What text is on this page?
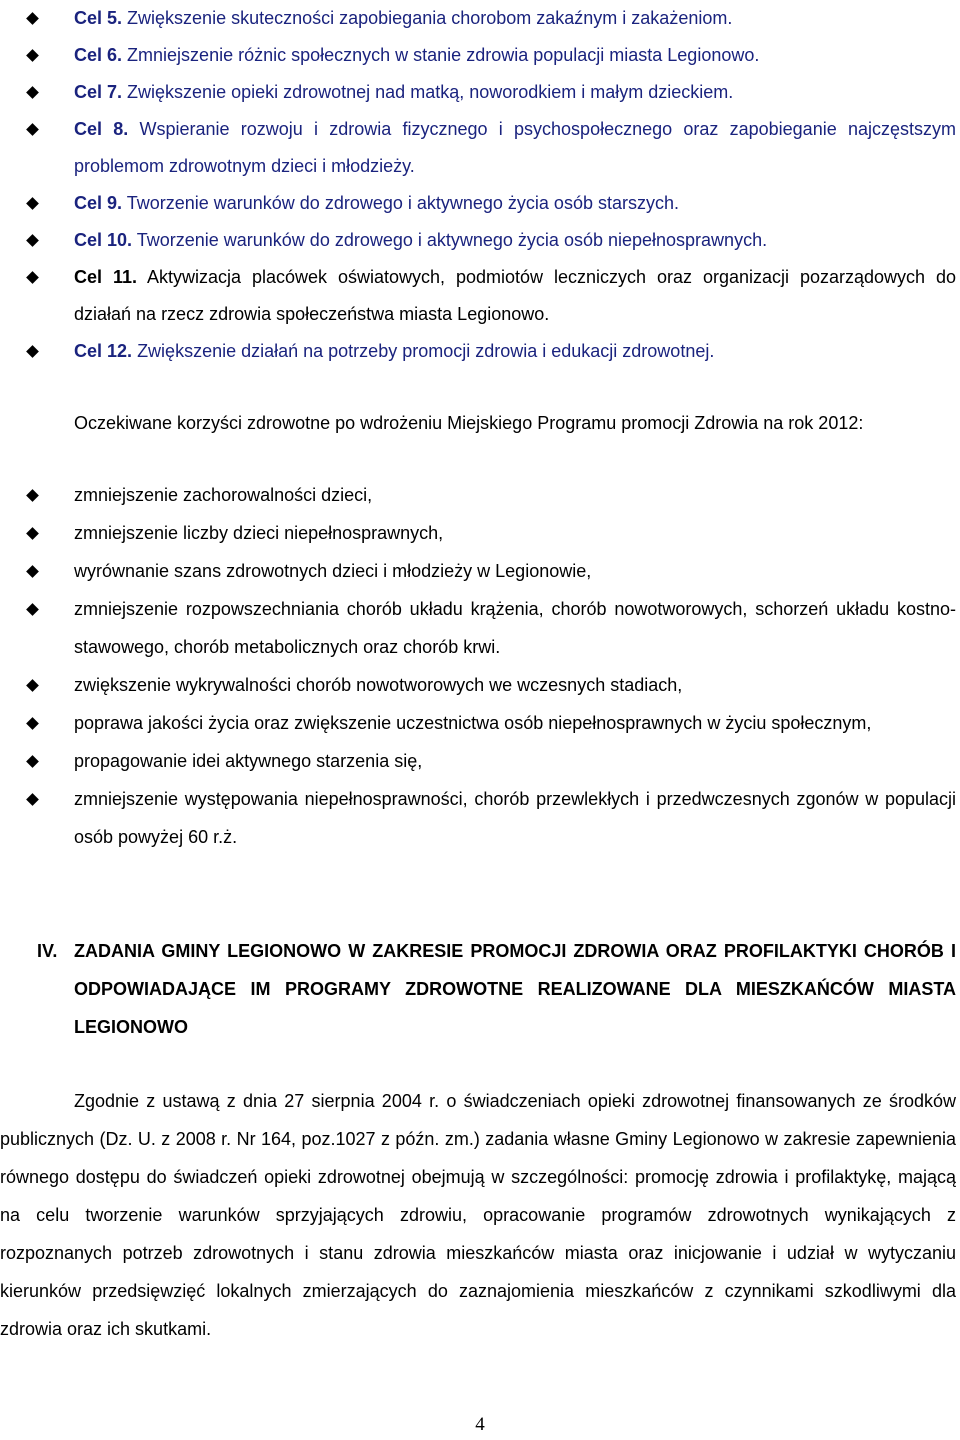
Cel 5. Zwiększenie skuteczności zapobiegania chorobom zakaźnym i zakażeniom.
Cel 6. Zmniejszenie różnic społecznych w stanie zdrowia populacji miasta Legionowo.
Cel 7. Zwiększenie opieki zdrowotnej nad matką, noworodkiem i małym dzieckiem.
Cel 8. Wspieranie rozwoju i zdrowia fizycznego i psychospołecznego oraz zapobieganie najczęstszym problemom zdrowotnym dzieci i młodzieży.
Cel 9. Tworzenie warunków do zdrowego i aktywnego życia osób starszych.
Cel 10. Tworzenie warunków do zdrowego i aktywnego życia osób niepełnosprawnych.
Cel 11. Aktywizacja placówek oświatowych, podmiotów leczniczych oraz organizacji pozarządowych do działań na rzecz zdrowia społeczeństwa miasta Legionowo.
Cel 12. Zwiększenie działań na potrzeby promocji zdrowia i edukacji zdrowotnej.

Oczekiwane korzyści zdrowotne po wdrożeniu Miejskiego Programu promocji Zdrowia na rok 2012:

zmniejszenie zachorowalności dzieci,
zmniejszenie liczby dzieci niepełnosprawnych,
wyrównanie szans zdrowotnych dzieci i młodzieży w Legionowie,
zmniejszenie rozpowszechniania chorób układu krążenia, chorób nowotworowych, schorzeń układu kostno-stawowego, chorób metabolicznych oraz chorób krwi.
zwiększenie wykrywalności chorób nowotworowych we wczesnych stadiach,
poprawa jakości życia oraz zwiększenie uczestnictwa osób niepełnosprawnych w życiu społecznym,
propagowanie idei aktywnego starzenia się,
zmniejszenie występowania niepełnosprawności, chorób przewlekłych i przedwczesnych zgonów w populacji osób powyżej 60 r.ż.
IV. ZADANIA GMINY LEGIONOWO W ZAKRESIE PROMOCJI ZDROWIA ORAZ PROFILAKTYKI CHORÓB I ODPOWIADAJĄCE IM PROGRAMY ZDROWOTNE REALIZOWANE DLA MIESZKAŃCÓW MIASTA LEGIONOWO

Zgodnie z ustawą z dnia 27 sierpnia 2004 r. o świadczeniach opieki zdrowotnej finansowanych ze środków publicznych (Dz. U. z 2008 r. Nr 164, poz.1027 z późn. zm.) zadania własne Gminy Legionowo w zakresie zapewnienia równego dostępu do świadczeń opieki zdrowotnej obejmują w szczególności: promocję zdrowia i profilaktykę, mającą na celu tworzenie warunków sprzyjających zdrowiu, opracowanie programów zdrowotnych wynikających z rozpoznanych potrzeb zdrowotnych i stanu zdrowia mieszkańców miasta oraz inicjowanie i udział w wytyczaniu kierunków przedsięwzięć lokalnych zmierzających do zaznajomienia mieszkańców z czynnikami szkodliwymi dla zdrowia oraz ich skutkami.

4
